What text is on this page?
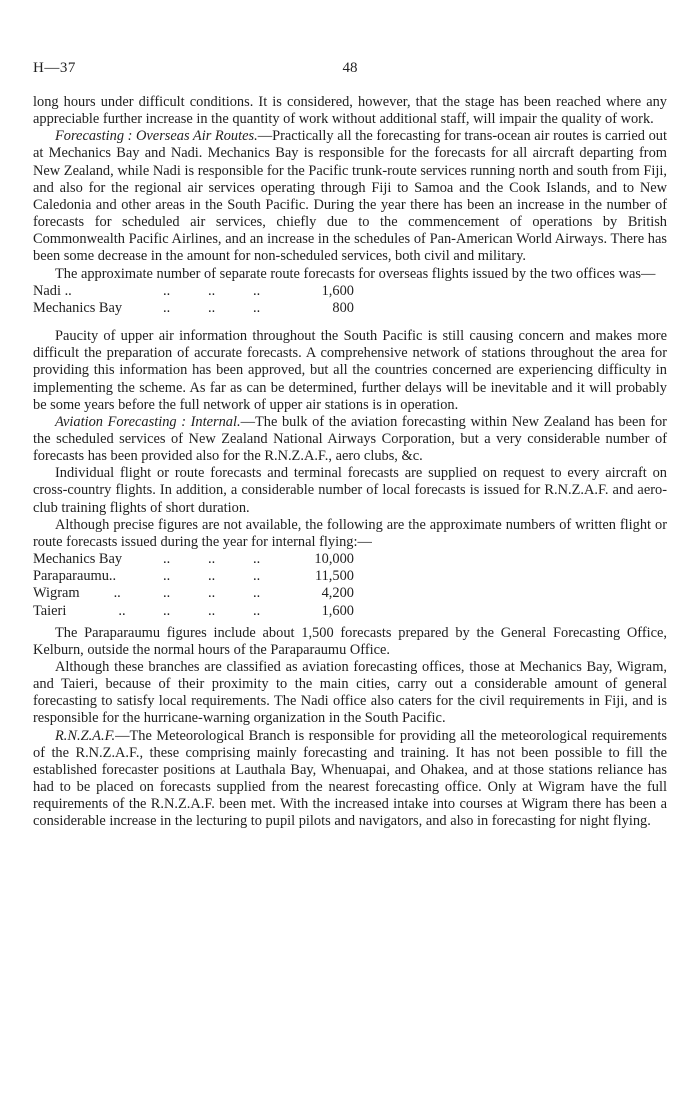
H—37	48

long hours under difficult conditions. It is considered, however, that the stage has been reached where any appreciable further increase in the quantity of work without additional staff, will impair the quality of work.

Forecasting : Overseas Air Routes.—Practically all the forecasting for trans-ocean air routes is carried out at Mechanics Bay and Nadi. Mechanics Bay is responsible for the forecasts for all aircraft departing from New Zealand, while Nadi is responsible for the Pacific trunk-route services running north and south from Fiji, and also for the regional air services operating through Fiji to Samoa and the Cook Islands, and to New Caledonia and other areas in the South Pacific. During the year there has been an increase in the number of forecasts for scheduled air services, chiefly due to the commencement of operations by British Commonwealth Pacific Airlines, and an increase in the schedules of Pan-American World Airways. There has been some decrease in the amount for non-scheduled services, both civil and military.

The approximate number of separate route forecasts for overseas flights issued by the two offices was—

Nadi ..	..	..	..	1,600
Mechanics Bay	..	..	..	800

Paucity of upper air information throughout the South Pacific is still causing concern and makes more difficult the preparation of accurate forecasts. A comprehensive network of stations throughout the area for providing this information has been approved, but all the countries concerned are experiencing difficulty in implementing the scheme. As far as can be determined, further delays will be inevitable and it will probably be some years before the full network of upper air stations is in operation.

Aviation Forecasting : Internal.—The bulk of the aviation forecasting within New Zealand has been for the scheduled services of New Zealand National Airways Corporation, but a very considerable number of forecasts has been provided also for the R.N.Z.A.F., aero clubs, &c.

Individual flight or route forecasts and terminal forecasts are supplied on request to every aircraft on cross-country flights. In addition, a considerable number of local forecasts is issued for R.N.Z.A.F. and aero-club training flights of short duration.

Although precise figures are not available, the following are the approximate numbers of written flight or route forecasts issued during the year for internal flying:—

Mechanics Bay	..	..	..	10,000
Paraparaumu..	..	..	..	11,500
Wigram ..	..	..	..	4,200
Taieri ..	..	..	..	1,600

The Paraparaumu figures include about 1,500 forecasts prepared by the General Forecasting Office, Kelburn, outside the normal hours of the Paraparaumu Office.

Although these branches are classified as aviation forecasting offices, those at Mechanics Bay, Wigram, and Taieri, because of their proximity to the main cities, carry out a considerable amount of general forecasting to satisfy local requirements. The Nadi office also caters for the civil requirements in Fiji, and is responsible for the hurricane-warning organization in the South Pacific.

R.N.Z.A.F.—The Meteorological Branch is responsible for providing all the meteorological requirements of the R.N.Z.A.F., these comprising mainly forecasting and training. It has not been possible to fill the established forecaster positions at Lauthala Bay, Whenuapai, and Ohakea, and at those stations reliance has had to be placed on forecasts supplied from the nearest forecasting office. Only at Wigram have the full requirements of the R.N.Z.A.F. been met. With the increased intake into courses at Wigram there has been a considerable increase in the lecturing to pupil pilots and navigators, and also in forecasting for night flying.
